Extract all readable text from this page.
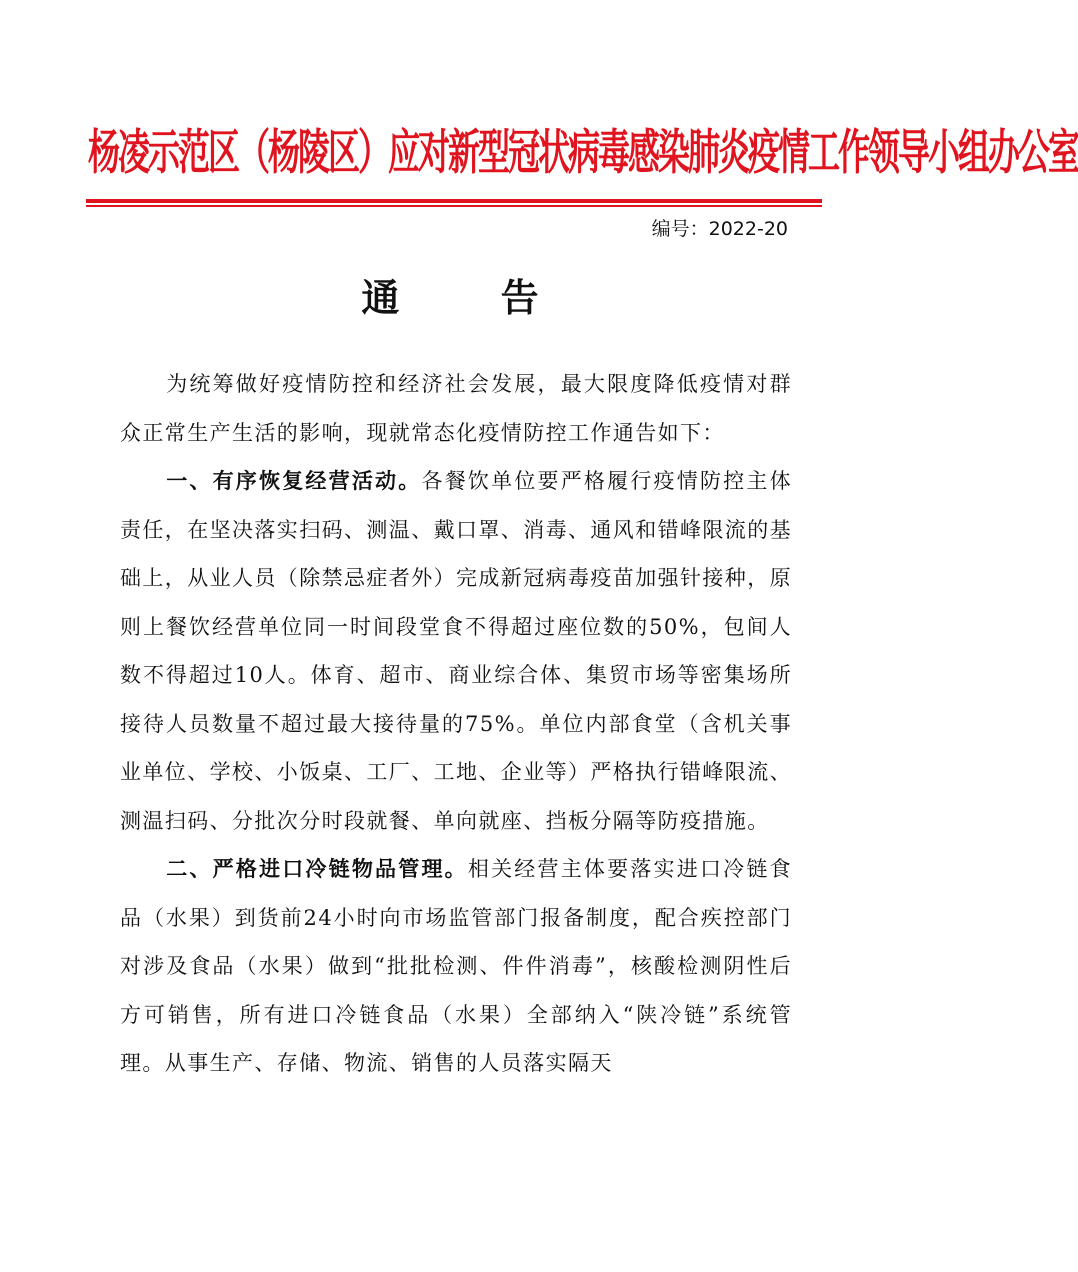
杨凌示范区（杨陵区）应对新型冠状病毒感染肺炎疫情工作领导小组办公室
编号：2022-20
通 告

为统筹做好疫情防控和经济社会发展，最大限度降低疫情对群众正常生产生活的影响，现就常态化疫情防控工作通告如下：

一、有序恢复经营活动。各餐饮单位要严格履行疫情防控主体责任，在坚决落实扫码、测温、戴口罩、消毒、通风和错峰限流的基础上，从业人员（除禁忌症者外）完成新冠病毒疫苗加强针接种，原则上餐饮经营单位同一时间段堂食不得超过座位数的50%，包间人数不得超过10人。体育、超市、商业综合体、集贸市场等密集场所接待人员数量不超过最大接待量的75%。单位内部食堂（含机关事业单位、学校、小饭桌、工厂、工地、企业等）严格执行错峰限流、测温扫码、分批次分时段就餐、单向就座、挡板分隔等防疫措施。

二、严格进口冷链物品管理。相关经营主体要落实进口冷链食品（水果）到货前24小时向市场监管部门报备制度，配合疾控部门对涉及食品（水果）做到“批批检测、件件消毒”，核酸检测阴性后方可销售，所有进口冷链食品（水果）全部纳入“陕冷链”系统管理。从事生产、存储、物流、销售的人员落实隔天
